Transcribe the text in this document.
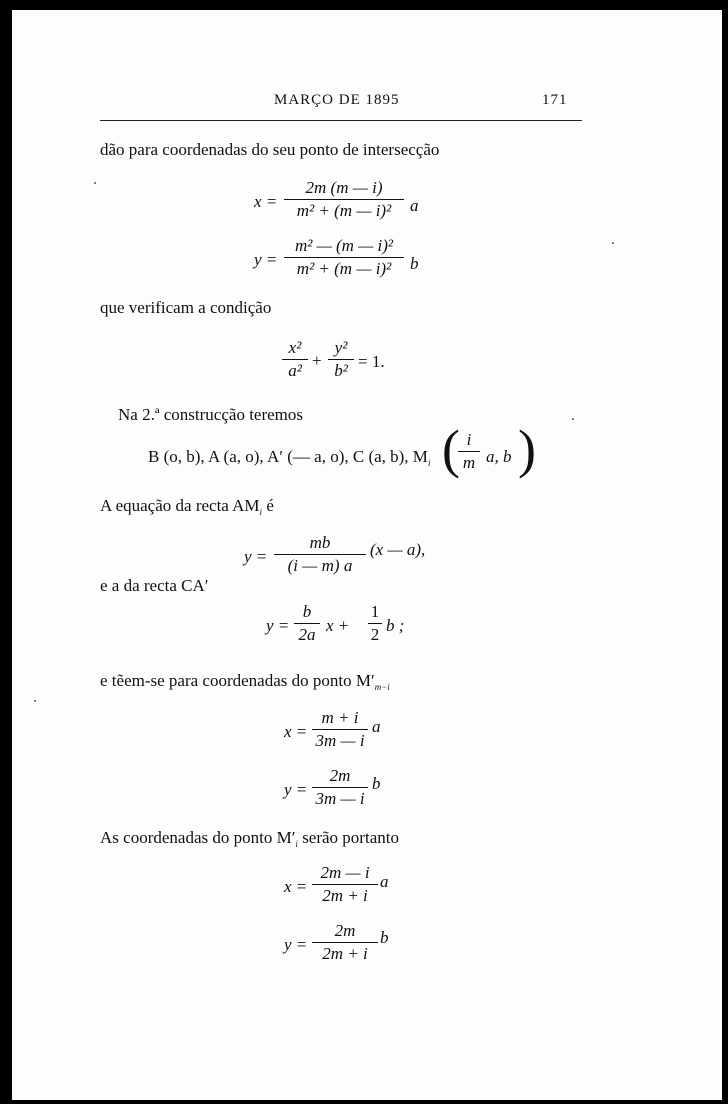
MARÇO DE 1895	171
dão para coordenadas do seu ponto de intersecção
x =
2m (m — i)
m² + (m — i)²	a
y =
m² — (m — i)²
m² + (m — i)²	b
que verificam a condição
x²
a²
+
y²
b² = 1.
Na 2.ª construcção teremos
B (o, b), A (a, o), A′ (— a, o), C (a, b), $M_i$ ( i
m a, b )
A equação da recta $AM_i$ é
y =
mb
(i — m) a
(x — a),
e a da recta CA′
y =
b
2a x +
1
2 b ;
e tẽem-se para coordenadas do ponto $M'_{m-i}$
x =
m + i
3m — i
a
y =
2m
3m — i
b
As coordenadas do ponto $M'_i$ serão portanto
x =
2m — i
2m + i
a
y =
2m
2m + i
b
